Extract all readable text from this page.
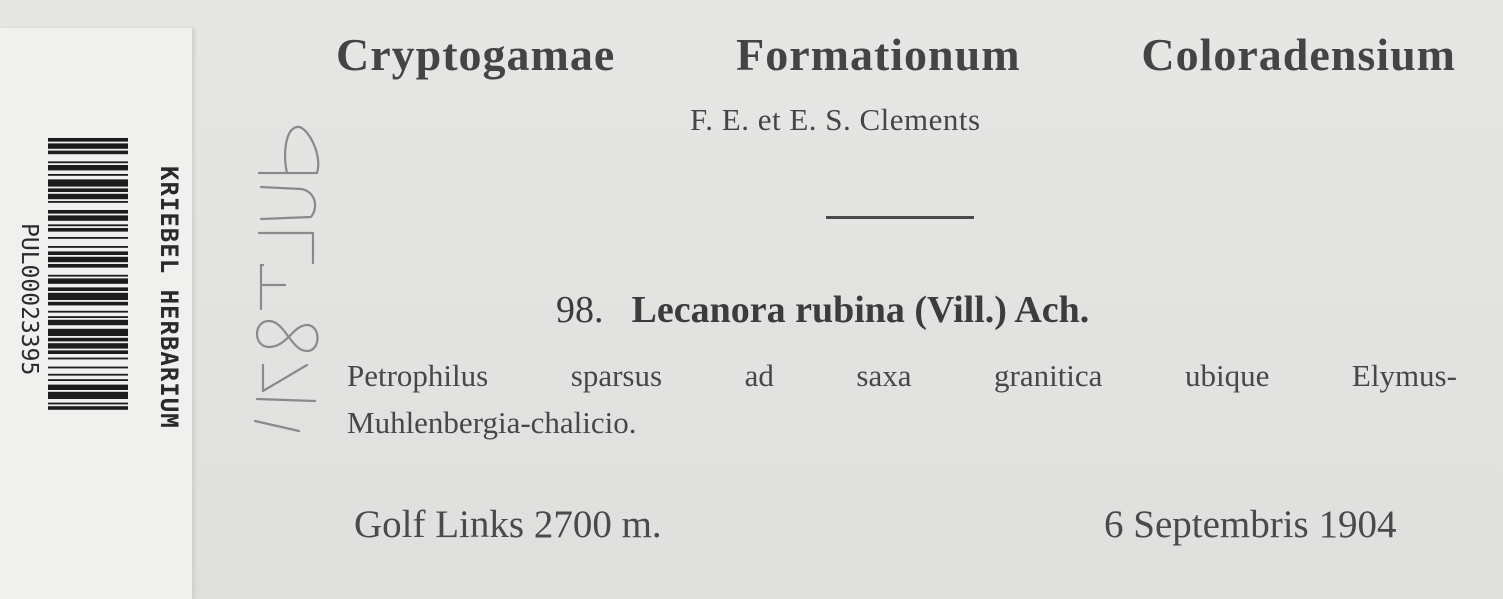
PUL00023395	KRIEBEL HERBARIUM
PUL F8711
Cryptogamae	Formationum	Coloradensium
F. E. et E. S. Clements
98. Lecanora rubina (Vill.) Ach.
Petrophilus	sparsus	ad	saxa	granitica	ubique	Elymus-
Muhlenbergia-chalicio.
Golf Links 2700 m.	6 Septembris 1904
